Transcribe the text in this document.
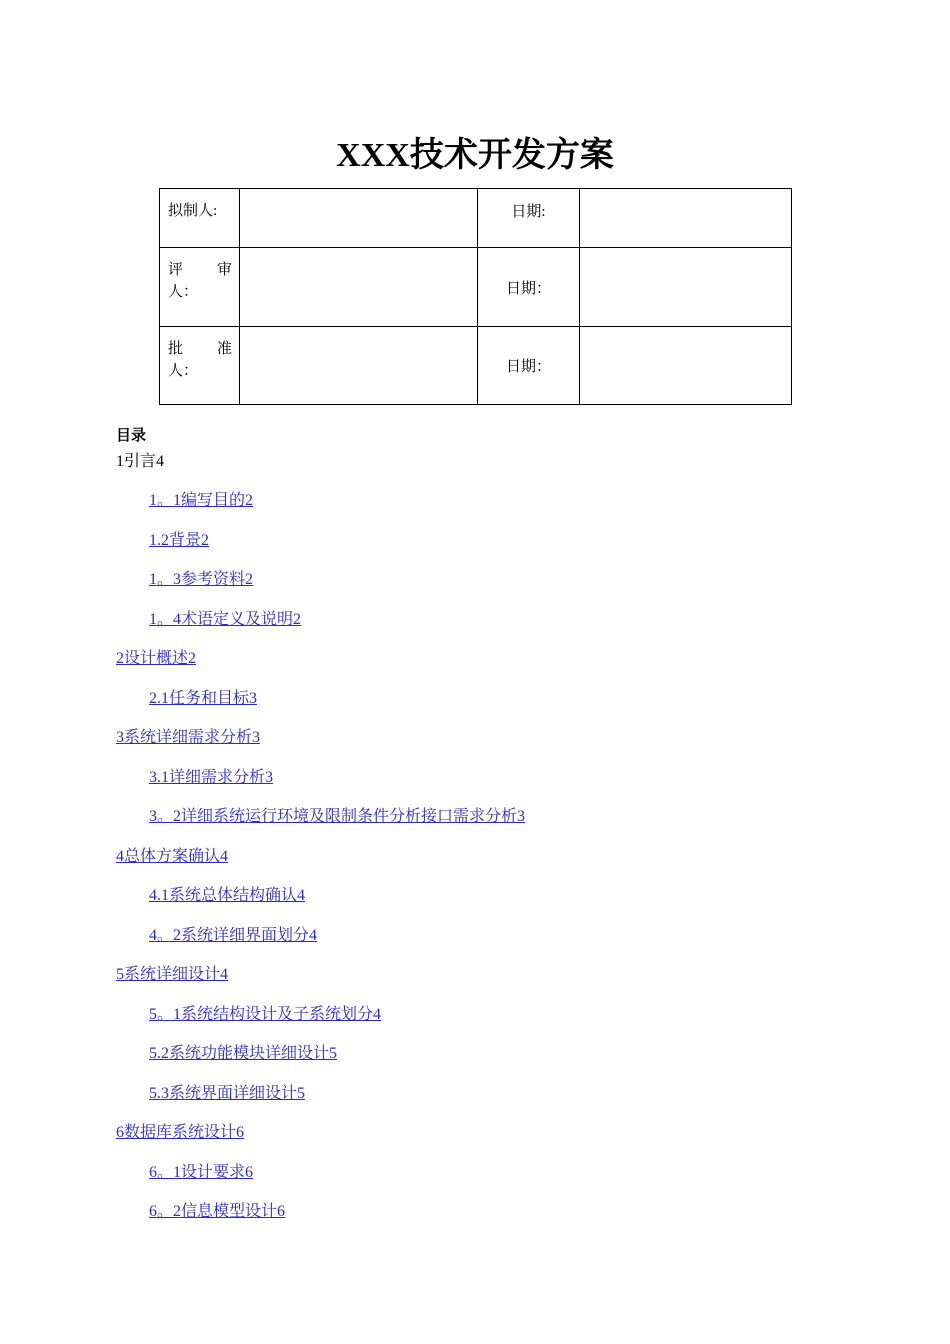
XXX技术开发方案
拟制人:		日期:	

评 审
人：		日期：	

批 准
人：		日期：	
目录
1引言4
1。1编写目的2
1.2背景2
1。3参考资料2
1。4术语定义及说明2
2设计概述2
2.1任务和目标3
3系统详细需求分析3
3.1详细需求分析3
3。2详细系统运行环境及限制条件分析接口需求分析3
4总体方案确认4
4.1系统总体结构确认4
4。2系统详细界面划分4
5系统详细设计4
5。1系统结构设计及子系统划分4
5.2系统功能模块详细设计5
5.3系统界面详细设计5
6数据库系统设计6
6。1设计要求6
6。2信息模型设计6
